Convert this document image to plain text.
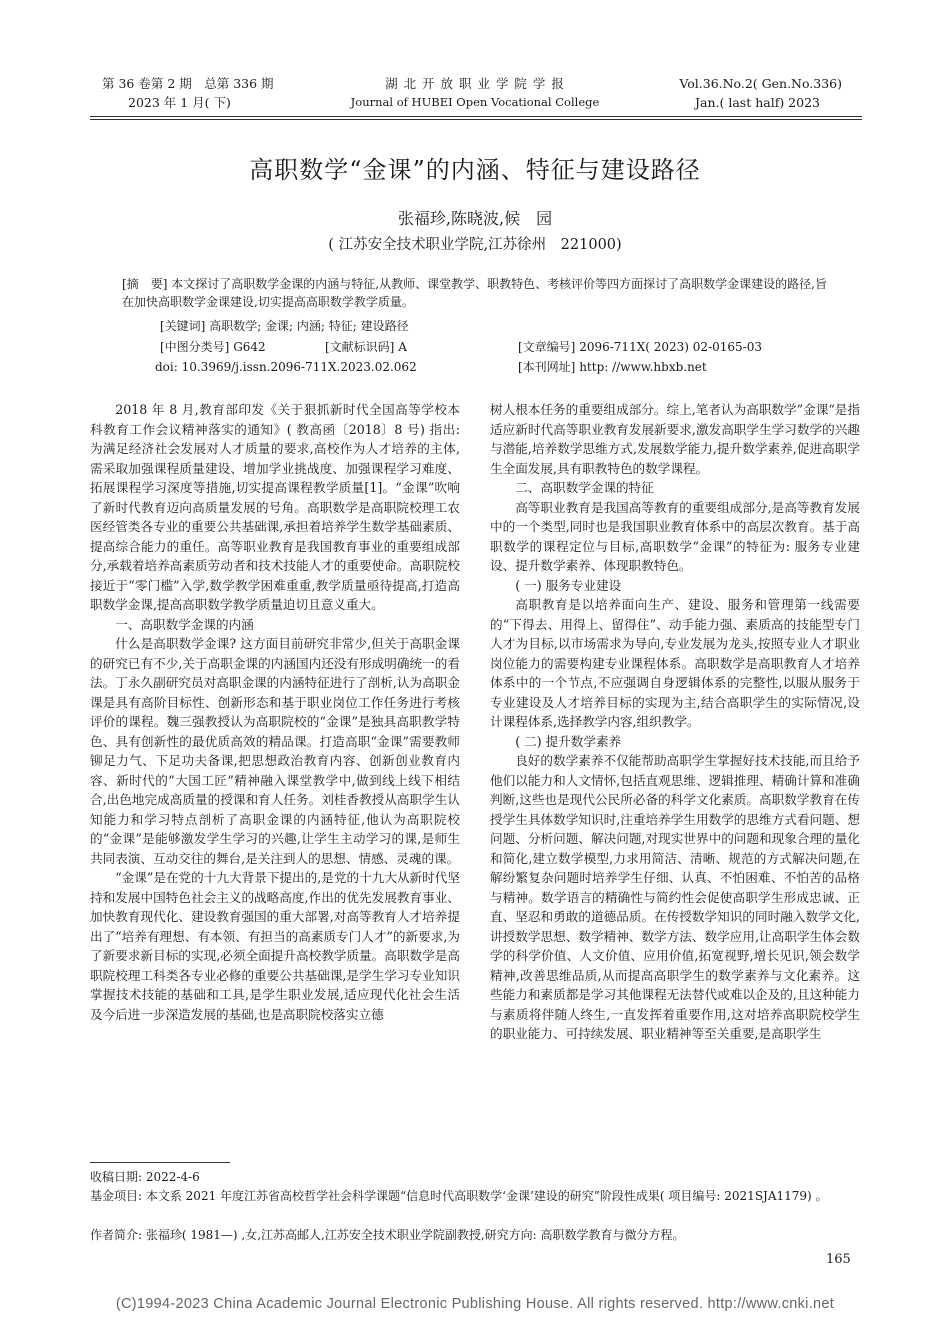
第 36 卷第 2 期　总第 336 期
2023 年 1 月( 下)
湖 北 开 放 职 业 学 院 学 报
Journal of HUBEI Open Vocational College
Vol.36.No.2( Gen.No.336)
Jan.( last half) 2023
高职数学“金课”的内涵、特征与建设路径
张福珍,陈晓波,候　园
( 江苏安全技术职业学院,江苏徐州　221000)
[摘　要] 本文探讨了高职数学金课的内涵与特征,从教师、课堂教学、职教特色、考核评价等四方面探讨了高职数学金课建设的路径,旨在加快高职数学金课建设,切实提高高职数学教学质量。
[关键词] 高职数学; 金课; 内涵; 特征; 建设路径
[中图分类号] G642	[文献标识码] A	[文章编号] 2096-711X( 2023) 02-0165-03
doi: 10.3969/j.issn.2096-711X.2023.02.062	[本刊网址] http: //www.hbxb.net

2018 年 8 月,教育部印发《关于狠抓新时代全国高等学校本科教育工作会议精神落实的通知》( 教高函〔2018〕8 号) 指出: 为满足经济社会发展对人才质量的要求,高校作为人才培养的主体,需采取加强课程质量建设、增加学业挑战度、加强课程学习难度、拓展课程学习深度等措施,切实提高课程教学质量[1]。“金课”吹响了新时代教育迈向高质量发展的号角。高职数学是高职院校理工农医经管类各专业的重要公共基础课,承担着培养学生数学基础素质、提高综合能力的重任。高等职业教育是我国教育事业的重要组成部分,承载着培养高素质劳动者和技术技能人才的重要使命。高职院校接近于“零门槛”入学,数学教学困难重重,教学质量亟待提高,打造高职数学金课,提高高职数学教学质量迫切且意义重大。

一、高职数学金课的内涵

什么是高职数学金课? 这方面目前研究非常少,但关于高职金课的研究已有不少,关于高职金课的内涵国内还没有形成明确统一的看法。丁永久副研究员对高职金课的内涵特征进行了剖析,认为高职金课是具有高阶目标性、创新形态和基于职业岗位工作任务进行考核评价的课程。魏三强教授认为高职院校的“金课”是独具高职教学特色、具有创新性的最优质高效的精品课。打造高职“金课”需要教师铆足力气、下足功夫备课,把思想政治教育内容、创新创业教育内容、新时代的“大国工匠”精神融入课堂教学中,做到线上线下相结合,出色地完成高质量的授课和育人任务。刘桂香教授从高职学生认知能力和学习特点剖析了高职金课的内涵特征,他认为高职院校的“金课”是能够激发学生学习的兴趣,让学生主动学习的课,是师生共同表演、互动交往的舞台,是关注到人的思想、情感、灵魂的课。

“金课”是在党的十九大背景下提出的,是党的十九大从新时代坚持和发展中国特色社会主义的战略高度,作出的优先发展教育事业、加快教育现代化、建设教育强国的重大部署,对高等教育人才培养提出了“培养有理想、有本领、有担当的高素质专门人才”的新要求,为了新要求新目标的实现,必须全面提升高校教学质量。高职数学是高职院校理工科类各专业必修的重要公共基础课,是学生学习专业知识掌握技术技能的基础和工具,是学生职业发展,适应现代化社会生活及今后进一步深造发展的基础,也是高职院校落实立德

树人根本任务的重要组成部分。综上,笔者认为高职数学”金课“是指适应新时代高等职业教育发展新要求,激发高职学生学习数学的兴趣与潜能,培养数学思维方式,发展数学能力,提升数学素养,促进高职学生全面发展,具有职教特色的数学课程。

二、高职数学金课的特征

高等职业教育是我国高等教育的重要组成部分,是高等教育发展中的一个类型,同时也是我国职业教育体系中的高层次教育。基于高职数学的课程定位与目标,高职数学“金课”的特征为: 服务专业建设、提升数学素养、体现职教特色。

( 一) 服务专业建设

高职教育是以培养面向生产、建设、服务和管理第一线需要的“下得去、用得上、留得住”、动手能力强、素质高的技能型专门人才为目标,以市场需求为导向,专业发展为龙头,按照专业人才职业岗位能力的需要构建专业课程体系。高职数学是高职教育人才培养体系中的一个节点,不应强调自身逻辑体系的完整性,以服从服务于专业建设及人才培养目标的实现为主,结合高职学生的实际情况,设计课程体系,选择教学内容,组织教学。

( 二) 提升数学素养

良好的数学素养不仅能帮助高职学生掌握好技术技能,而且给予他们以能力和人文情怀,包括直观思维、逻辑推理、精确计算和准确判断,这些也是现代公民所必备的科学文化素质。高职数学教育在传授学生具体数学知识时,注重培养学生用数学的思维方式看问题、想问题、分析问题、解决问题,对现实世界中的问题和现象合理的量化和简化,建立数学模型,力求用简洁、清晰、规范的方式解决问题,在解纷繁复杂问题时培养学生仔细、认真、不怕困难、不怕苦的品格与精神。数学语言的精确性与简约性会促使高职学生形成忠诚、正直、坚忍和勇敢的道德品质。在传授数学知识的同时融入数学文化,讲授数学思想、数学精神、数学方法、数学应用,让高职学生体会数学的科学价值、人文价值、应用价值,拓宽视野,增长见识,领会数学精神,改善思维品质,从而提高高职学生的数学素养与文化素养。这些能力和素质都是学习其他课程无法替代或难以企及的,且这种能力与素质将伴随人终生,一直发挥着重要作用,这对培养高职院校学生的职业能力、可持续发展、职业精神等至关重要,是高职学生

收稿日期: 2022-4-6
基金项目: 本文系 2021 年度江苏省高校哲学社会科学课题“信息时代高职数学‘金课’建设的研究”阶段性成果( 项目编号: 2021SJA1179) 。
作者简介: 张福珍( 1981—) ,女,江苏高邮人,江苏安全技术职业学院副教授,研究方向: 高职数学教育与微分方程。
165
(C)1994-2023 China Academic Journal Electronic Publishing House. All rights reserved. http://www.cnki.net
